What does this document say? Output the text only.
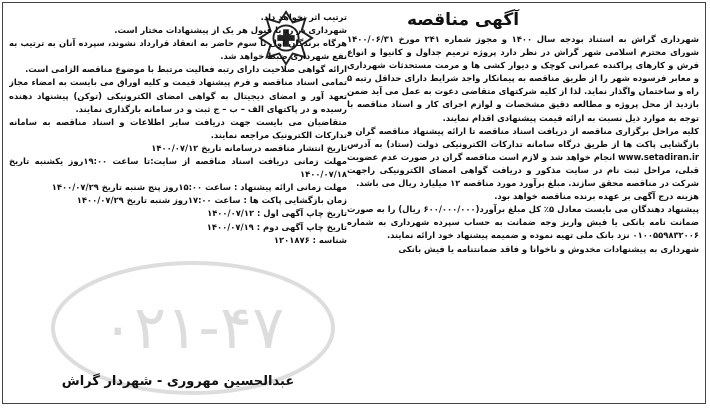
آگهی مناقصه

شهرداری گراش به استناد بودجه سال ۱۴۰۰ و مجوز شماره ۲۴۱ مورخ ۱۴۰۰/۰۶/۳۱ شورای محترم اسلامی شهر گراش در نظر دارد پروژه ترمیم جداول و کانیوا و انواع فرش و کارهای پراکنده عمرانی کوچک و دیوار کشی ها و مرمت مستحدثات شهرداری و معابر فرسوده شهر را از طریق مناقصه به پیمانکار واجد شرایط دارای حداقل رتبه ۵ راه و ساختمان واگذار نماید. لذا از کلیه شرکتهای متقاضی دعوت به عمل می آید ضمن بازدید از محل پروژه و مطالعه دقیق مشخصات و لوازم اجرای کار و اسناد مناقصه با توجه به موارد ذیل نسبت به ارائه قیمت پیشنهادی اقدام نمایند.

کلیه مراحل برگزاری مناقصه از دریافت اسناد مناقصه تا ارائه پیشنهاد مناقصه گران و بازگشایی پاکت ها از طریق درگاه سامانه تدارکات الکترونیکی دولت (ستاد) به آدرس www.setadiran.ir انجام خواهد شد و لازم است مناقصه گران در صورت عدم عضویت قبلی، مراحل ثبت نام در سایت مذکور و دریافت گواهی امضای الکترونیکی راجهت شرکت در مناقصه محقق سازند. مبلغ برآورد مورد مناقصه ۱۲ میلیارد ریال می باشد.

هزینه درج آگهی بر عهده برنده مناقصه خواهد بود.

پیشنهاد دهندگان می بایست معادل ۵٪ کل مبلغ برآورد(۶۰۰/۰۰۰/۰۰۰ ریال) را به صورت ضمانت نامه بانکی یا فیش واریز وجه ضمانت به حساب سپرده شهرداری به شماره ۰۱۰۰۵۵۹۸۳۲۰۰۶ نزد بانک ملی تهیه نموده و ضمیمه پیشنهاد خود ارائه نمایند.

شهرداری به پیشنهادات مخدوش و ناخوانا و فاقد ضمانتنامه یا فیش بانکی

ترتیب اثر نخواهد داد.

شهرداری در رد یا قبول هر یک از پیشنهادات مختار است.

هرگاه برندگان اول تا سوم حاضر به انعقاد قرارداد نشوند، سپرده آنان به ترتیب به نفع شهرداری ضبط خواهد شد.

ارائه گواهی صلاحیت دارای رتبه فعالیت مرتبط با موضوع مناقصه الزامی است.

تمامی اسناد مناقصه و فرم پیشنهاد قیمت و کلیه اوراق می بایست به امضاء مجاز تعهد آور و امضای دیجیتال به گواهی امضای الکترونیکی (توکن) پیشنهاد دهنده رسیده و در پاکتهای الف – ب – ج ثبت و در سامانه بارگذاری نمایند.

متقاضیان می بایست جهت دریافت سایر اطلاعات و اسناد مناقصه به سامانه تدارکات الکترونیک مراجعه نمایند.

تاریخ انتشار مناقصه درسامانه تاریخ ۱۴۰۰/۰۷/۱۲

مهلت زمانی دریافت اسناد مناقصه از سایت:تا ساعت ۱۹:۰۰روز یکشنبه تاریخ ۱۴۰۰/۰۷/۱۸

مهلت زمانی ارائه پیشنهاد : ساعت ۱۵:۰۰روز پنج شنبه تاریخ ۱۴۰۰/۰۷/۲۹

زمان بازگشایی پاکت ها : ساعت ۱۷:۰۰روز شنبه تاریخ ۱۴۰۰/۰۷/۲۹

تاریخ چاپ آگهی اول : ۱۴۰۰/۰۷/۱۲

تاریخ چاپ آگهی دوم : ۱۴۰۰/۰۷/۱۹

شناسه : ۱۲۰۱۸۷۶

۰۲۱-۴۷
عبدالحسین مهروری - شهردار گراش
